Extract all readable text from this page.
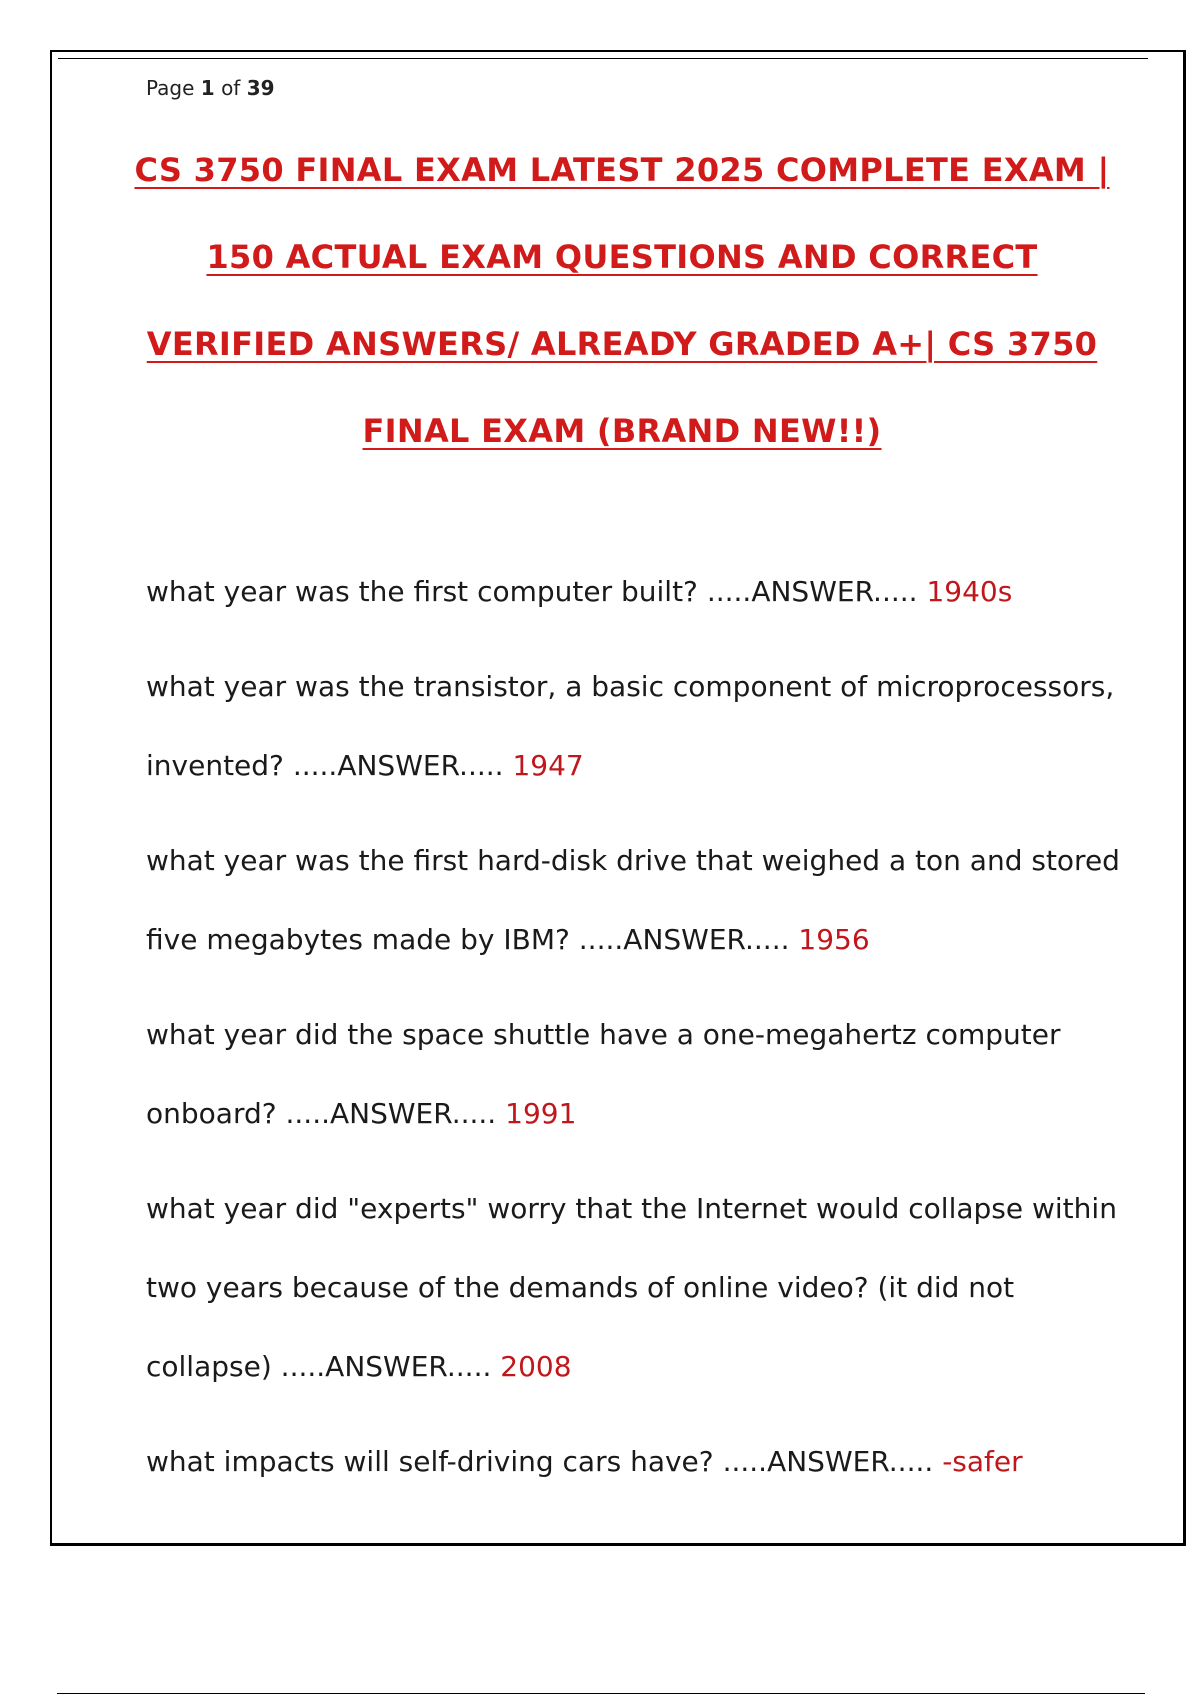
Page 1 of 39
CS 3750 FINAL EXAM LATEST 2025 COMPLETE EXAM |
150 ACTUAL EXAM QUESTIONS AND CORRECT
VERIFIED ANSWERS/ ALREADY GRADED A+| CS 3750
FINAL EXAM (BRAND NEW!!)
what year was the first computer built? .....ANSWER..... 1940s
what year was the transistor, a basic component of microprocessors, invented? .....ANSWER..... 1947
what year was the first hard-disk drive that weighed a ton and stored five megabytes made by IBM? .....ANSWER..... 1956
what year did the space shuttle have a one-megahertz computer onboard? .....ANSWER..... 1991
what year did "experts" worry that the Internet would collapse within two years because of the demands of online video? (it did not collapse) .....ANSWER..... 2008
what impacts will self-driving cars have? .....ANSWER..... -safer
